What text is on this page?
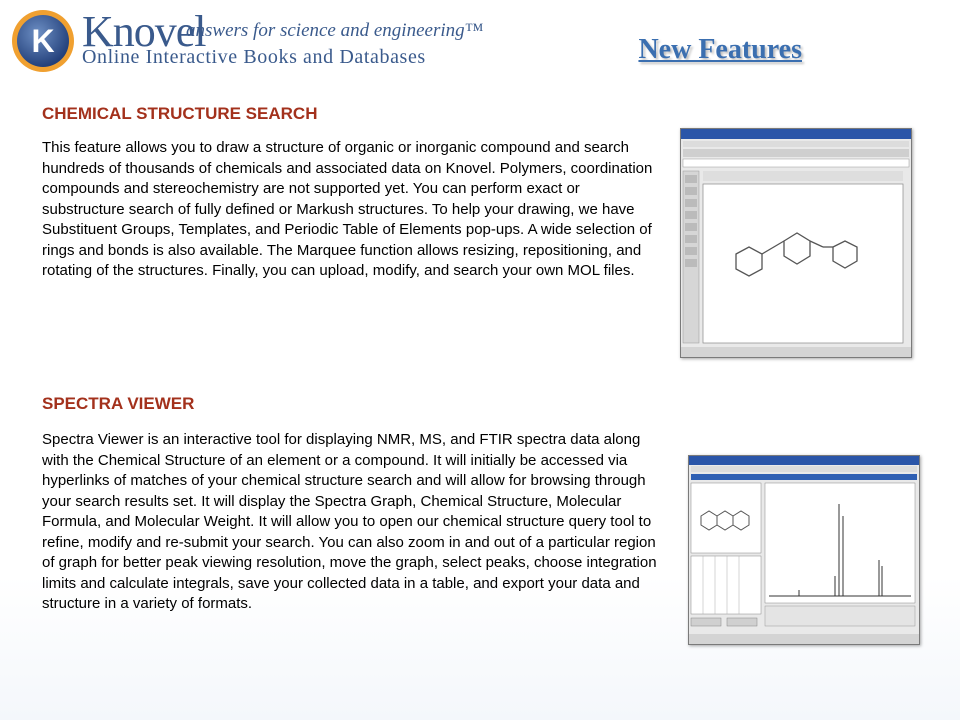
K Knovel
answers for science and engineering™
Online Interactive Books and Databases	New Features
CHEMICAL STRUCTURE SEARCH
This feature allows you to draw a structure of organic or inorganic compound and search hundreds of thousands of chemicals and associated data on Knovel. Polymers, coordination compounds and stereochemistry are not supported yet. You can perform exact or substructure search of fully defined or Markush structures. To help your drawing, we have Substituent Groups, Templates, and Periodic Table of Elements pop-ups. A wide selection of rings and bonds is also available. The Marquee function allows resizing, repositioning, and rotating of the structures. Finally, you can upload, modify, and search your own MOL files.
SPECTRA VIEWER
Spectra Viewer is an interactive tool for displaying NMR, MS, and FTIR spectra data along with the Chemical Structure of an element or a compound. It will initially be accessed via hyperlinks of matches of your chemical structure search and will allow for browsing through your search results set. It will display the Spectra Graph, Chemical Structure, Molecular Formula, and Molecular Weight. It will allow you to open our chemical structure query tool to refine, modify and re-submit your search. You can also zoom in and out of a particular region of graph for better peak viewing resolution, move the graph, select peaks, choose integration limits and calculate integrals, save your collected data in a table, and export your data and structure in a variety of formats.
